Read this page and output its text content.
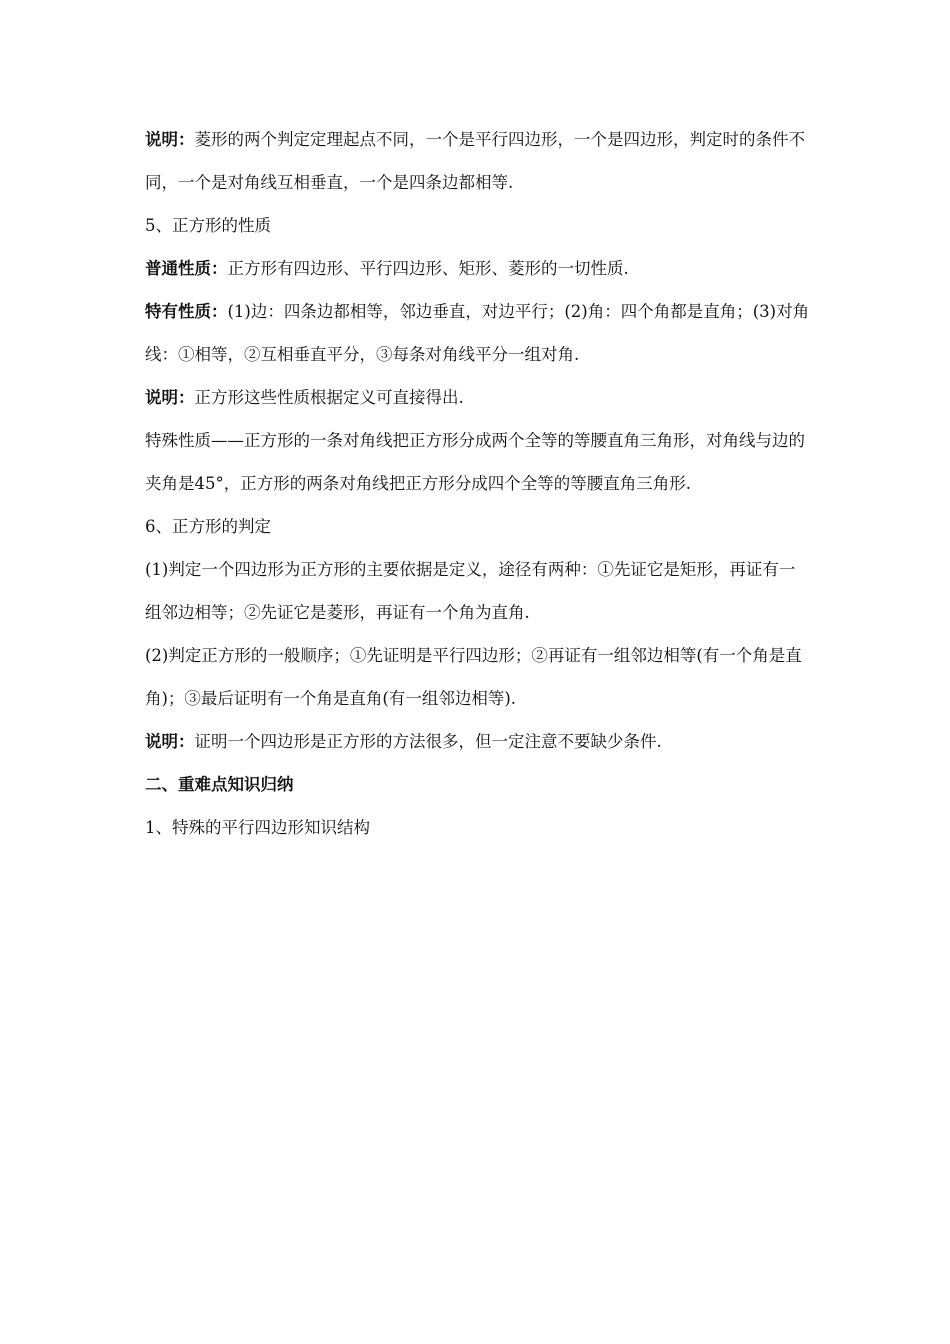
说明：菱形的两个判定定理起点不同，一个是平行四边形，一个是四边形，判定时的条件不同，一个是对角线互相垂直，一个是四条边都相等.

5、正方形的性质

普通性质：正方形有四边形、平行四边形、矩形、菱形的一切性质.

特有性质：(1)边：四条边都相等，邻边垂直，对边平行；(2)角：四个角都是直角；(3)对角线：①相等，②互相垂直平分，③每条对角线平分一组对角.

说明：正方形这些性质根据定义可直接得出.

特殊性质——正方形的一条对角线把正方形分成两个全等的等腰直角三角形，对角线与边的夹角是45°，正方形的两条对角线把正方形分成四个全等的等腰直角三角形.

6、正方形的判定

(1)判定一个四边形为正方形的主要依据是定义，途径有两种：①先证它是矩形，再证有一组邻边相等；②先证它是菱形，再证有一个角为直角.

(2)判定正方形的一般顺序；①先证明是平行四边形；②再证有一组邻边相等(有一个角是直角)；③最后证明有一个角是直角(有一组邻边相等).

说明：证明一个四边形是正方形的方法很多，但一定注意不要缺少条件.

二、重难点知识归纳

1、特殊的平行四边形知识结构
